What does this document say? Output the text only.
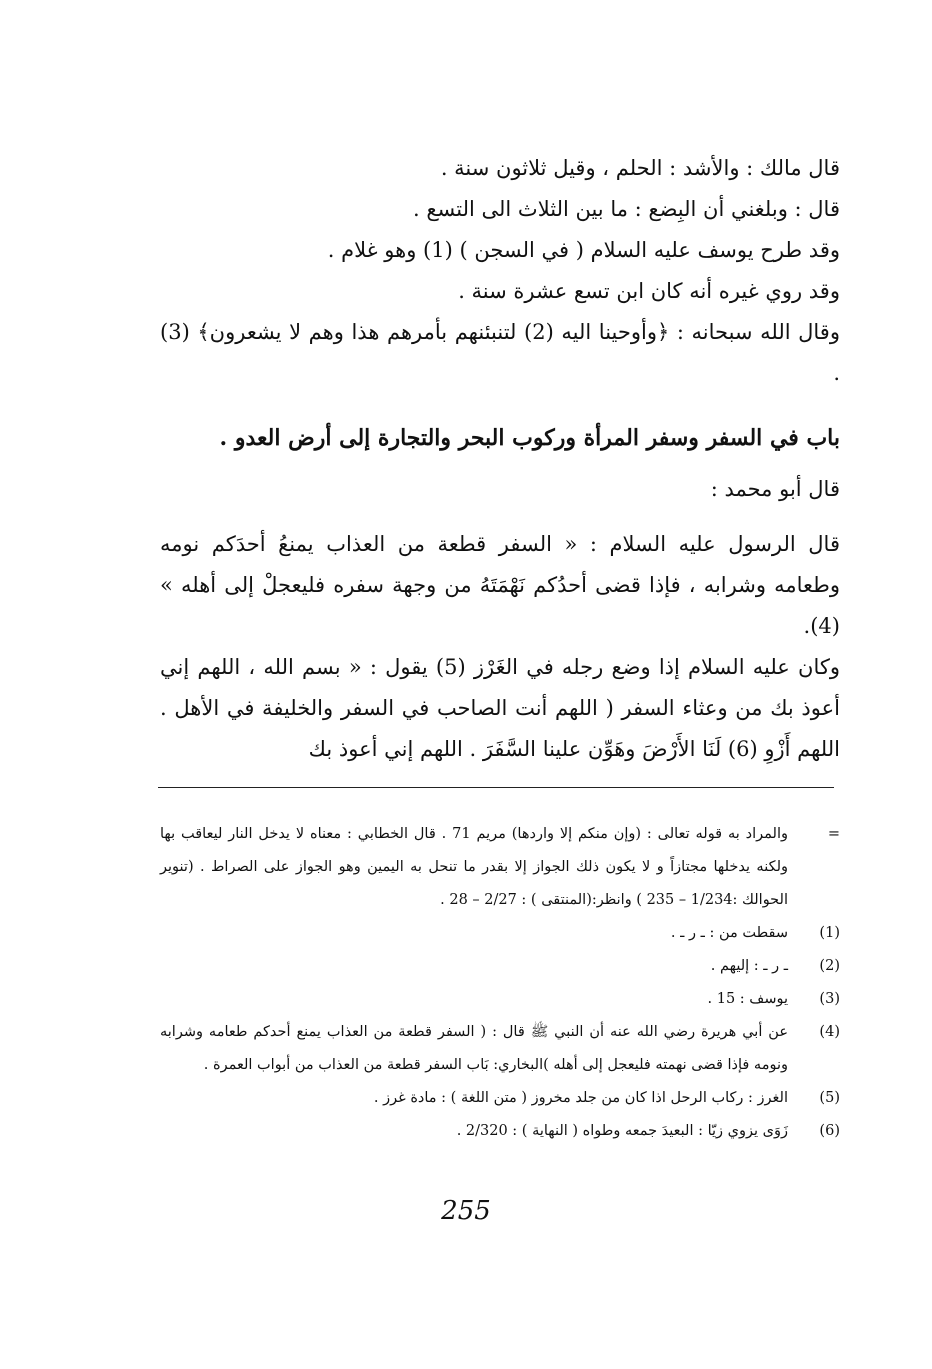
قال مالك : والأشد : الحلم ، وقيل ثلاثون سنة .

قال : وبلغني أن البِضع : ما بين الثلاث الى التسع .

وقد طرح يوسف عليه السلام ( في السجن ) (1) وهو غلام .

وقد روي غيره أنه كان ابن تسع عشرة سنة .

وقال الله سبحانه : ﴿وأوحينا اليه (2) لتنبئنهم بأمرهم هذا وهم لا يشعرون﴾ (3) .

باب في السفر وسفر المرأة وركوب البحر والتجارة إلى أرض العدو .

قال أبو محمد :

قال الرسول عليه السلام : « السفر قطعة من العذاب يمنعُ أحدَكم نومه وطعامه وشرابه ، فإذا قضى أحدُكم نَهْمَتَهُ من وجهة سفره فليعجلْ إلى أهله » (4).

وكان عليه السلام إذا وضع رجله في الغَرْز (5) يقول : « بسم الله ، اللهم إني أعوذ بك من وعثاء السفر ( اللهم أنت الصاحب في السفر والخليفة في الأهل . اللهم أَزْوِ (6) لَنَا الأَرْضَ وهَوِّن علينا السَّفَرَ . اللهم إني أعوذ بك

=
والمراد به قوله تعالى : (وإن منكم إلا واردها) مريم 71 . قال الخطابي : معناه لا يدخل النار ليعاقب بها ولكنه يدخلها مجتازاً و لا يكون ذلك الجواز إلا بقدر ما تنحل به اليمين وهو الجواز على الصراط . (تنوير الحوالك :1/234 – 235 ) وانظر:(المنتقى ) : 2/27 – 28 .
(1)
سقطت من : ـ ر ـ .
(2)
ـ ر ـ : إليهم .
(3)
يوسف : 15 .
(4)
عن أبي هريرة رضي الله عنه أن النبي ﷺ قال : ( السفر قطعة من العذاب يمنع أحدكم طعامه وشرابه ونومه فإذا قضى نهمته فليعجل إلى أهله )البخاري: بَاب السفر قطعة من العذاب من أبواب العمرة .
(5)
الغرز : ركاب الرحل اذا كان من جلد مخروز ( متن اللغة ) : مادة غرز .
(6)
زَوَى يزوي زيّا : البعيدَ جمعه وطواه ( النهاية ) : 2/320 .
255
